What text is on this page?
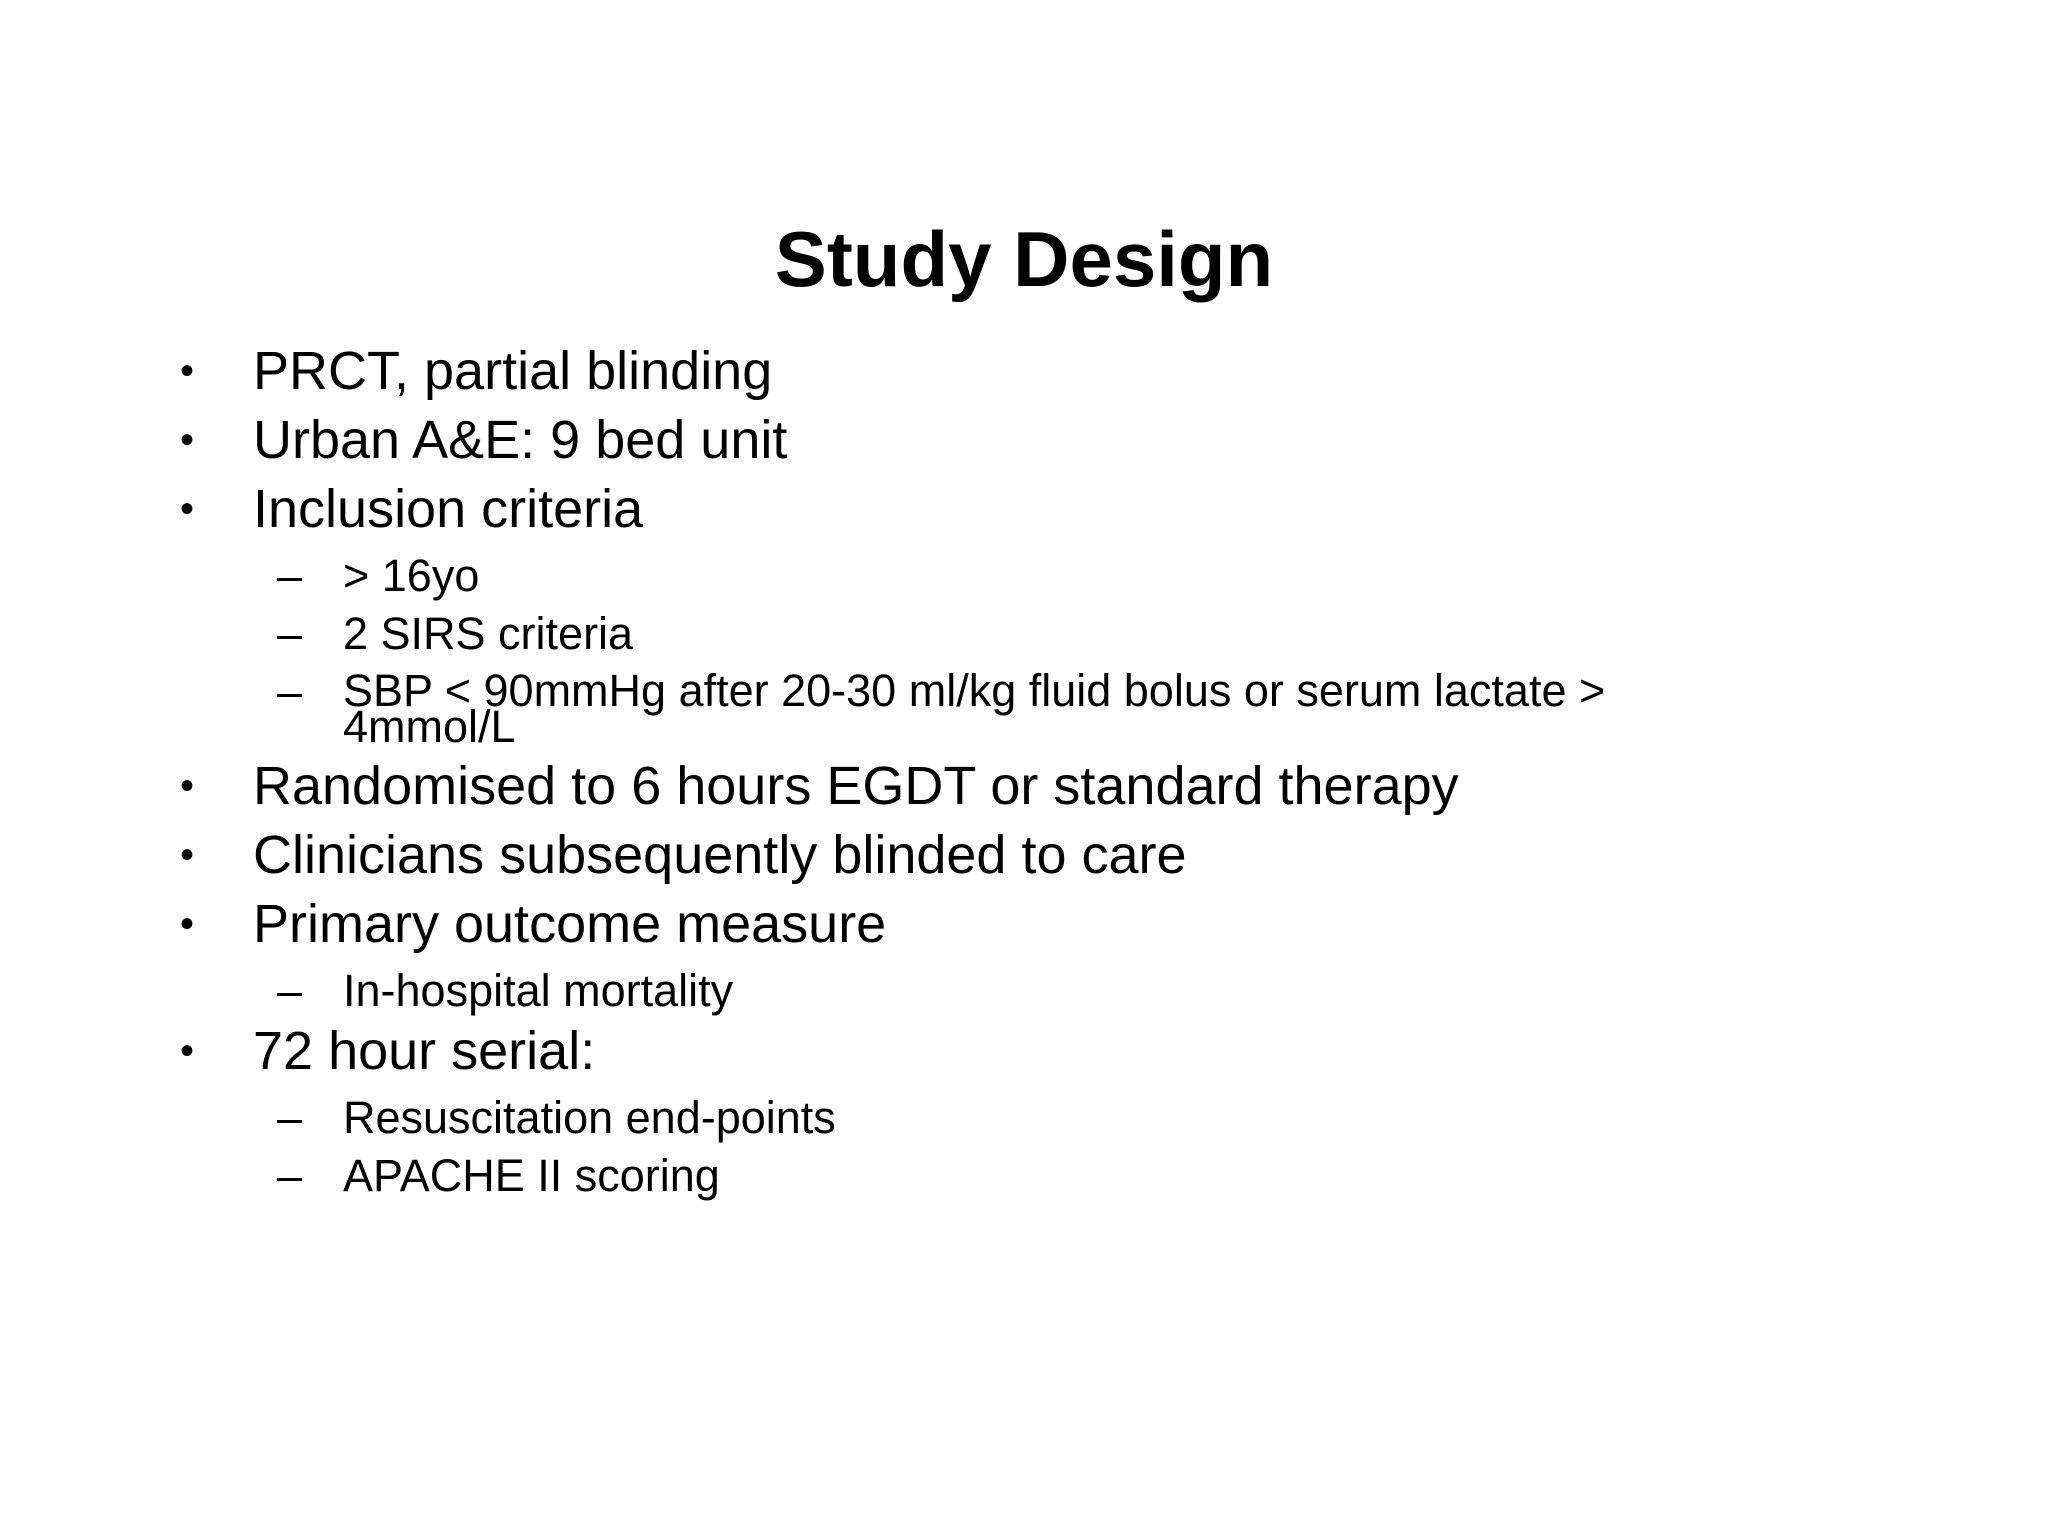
Study Design
• PRCT, partial blinding
• Urban A&E: 9 bed unit
• Inclusion criteria
– > 16yo
– 2 SIRS criteria
– SBP < 90mmHg after 20-30 ml/kg fluid bolus or serum lactate > 4mmol/L
• Randomised to 6 hours EGDT or standard therapy
• Clinicians subsequently blinded to care
• Primary outcome measure
– In-hospital mortality
• 72 hour serial:
– Resuscitation end-points
– APACHE II scoring
